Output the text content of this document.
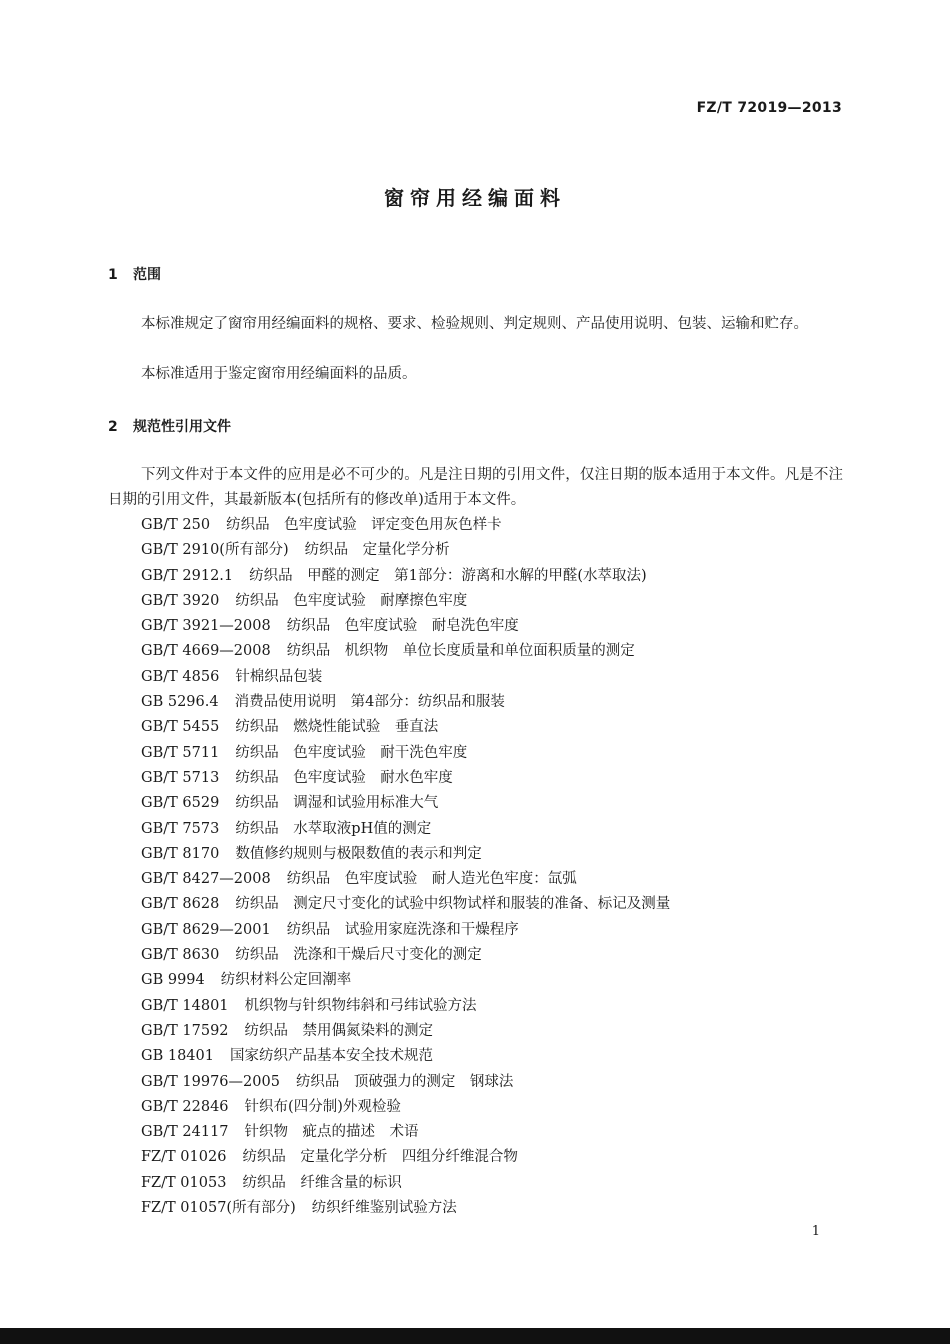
FZ/T 72019—2013
窗帘用经编面料
1 范围

本标准规定了窗帘用经编面料的规格、要求、检验规则、判定规则、产品使用说明、包装、运输和贮存。

本标准适用于鉴定窗帘用经编面料的品质。

2 规范性引用文件

下列文件对于本文件的应用是必不可少的。凡是注日期的引用文件，仅注日期的版本适用于本文件。凡是不注日期的引用文件，其最新版本(包括所有的修改单)适用于本文件。

GB/T 250 纺织品　色牢度试验　评定变色用灰色样卡
GB/T 2910(所有部分) 纺织品　定量化学分析
GB/T 2912.1 纺织品　甲醛的测定　第1部分：游离和水解的甲醛(水萃取法)
GB/T 3920 纺织品　色牢度试验　耐摩擦色牢度
GB/T 3921—2008 纺织品　色牢度试验　耐皂洗色牢度
GB/T 4669—2008 纺织品　机织物　单位长度质量和单位面积质量的测定
GB/T 4856 针棉织品包装
GB 5296.4 消费品使用说明　第4部分：纺织品和服装
GB/T 5455 纺织品　燃烧性能试验　垂直法
GB/T 5711 纺织品　色牢度试验　耐干洗色牢度
GB/T 5713 纺织品　色牢度试验　耐水色牢度
GB/T 6529 纺织品　调湿和试验用标准大气
GB/T 7573 纺织品　水萃取液pH值的测定
GB/T 8170 数值修约规则与极限数值的表示和判定
GB/T 8427—2008 纺织品　色牢度试验　耐人造光色牢度：氙弧
GB/T 8628 纺织品　测定尺寸变化的试验中织物试样和服装的准备、标记及测量
GB/T 8629—2001 纺织品　试验用家庭洗涤和干燥程序
GB/T 8630 纺织品　洗涤和干燥后尺寸变化的测定
GB 9994 纺织材料公定回潮率
GB/T 14801 机织物与针织物纬斜和弓纬试验方法
GB/T 17592 纺织品　禁用偶氮染料的测定
GB 18401 国家纺织产品基本安全技术规范
GB/T 19976—2005 纺织品　顶破强力的测定　钢球法
GB/T 22846 针织布(四分制)外观检验
GB/T 24117 针织物　疵点的描述　术语
FZ/T 01026 纺织品　定量化学分析　四组分纤维混合物
FZ/T 01053 纺织品　纤维含量的标识
FZ/T 01057(所有部分) 纺织纤维鉴别试验方法
1
